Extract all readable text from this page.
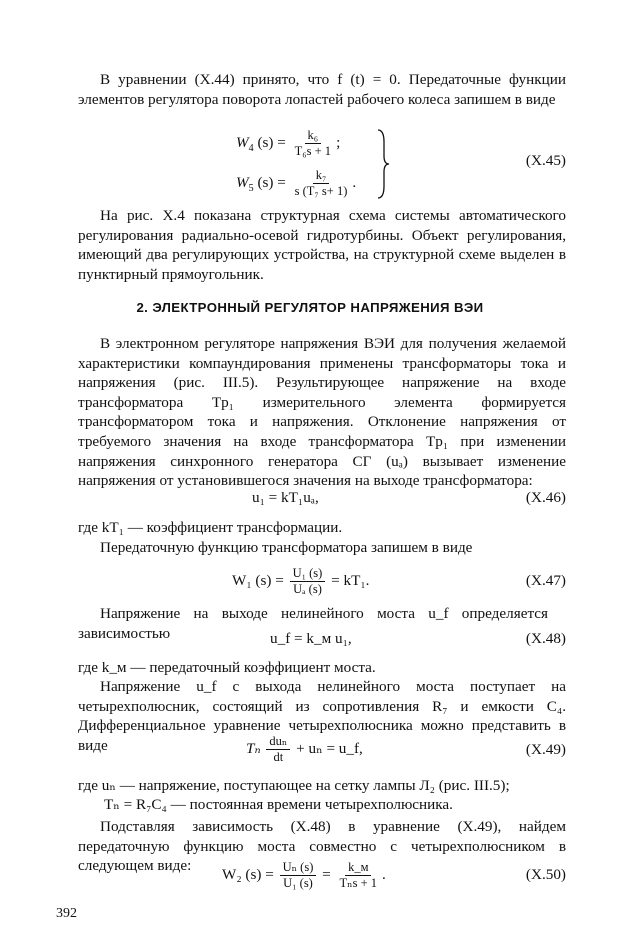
В уравнении (X.44) принято, что f (t) = 0. Передаточные функции элементов регулятора поворота лопастей рабочего колеса запишем в виде

$W_4$ $(s) = \frac{\text{k₆}}{\text{T₆s + 1}}$ ;
$W_5$ $(s) = \frac{\text{k₇}}{\text{s (T₇ s+ 1)}}$ .
(X.45)

На рис. X.4 показана структурная схема системы автоматического регулирования радиально-осевой гидротурбины. Объект регулирования, имеющий два регулирующих устройства, на структурной схеме выделен в пунктирный прямоугольник.

2. ЭЛЕКТРОННЫЙ РЕГУЛЯТОР НАПРЯЖЕНИЯ ВЭИ

В электронном регуляторе напряжения ВЭИ для получения желаемой характеристики компаундирования применены трансформаторы тока и напряжения (рис. III.5). Результирующее напряжение на входе трансформатора Tp₁ измерительного элемента формируется трансформатором тока и напряжения. Отклонение напряжения от требуемого значения на входе трансформатора Tp₁ при изменении напряжения синхронного генератора СГ (uₐ) вызывает изменение напряжения от установившегося значения на выходе трансформатора:

u₁ = kT₁uₐ,	(X.46)

где kT₁ — коэффициент трансформации.

Передаточную функцию трансформатора запишем в виде

W₁ $(s) = \frac{\text{U₁ (s)}}{\text{Uₐ (s)}} = kT_1$.	(X.47)

Напряжение на выходе нелинейного моста u_f определяется зависимостью	u_f = k_м u₁,	(X.48)

где k_м — передаточный коэффициент моста.

Напряжение u_f с выхода нелинейного моста поступает на четырехполюсник, состоящий из сопротивления R₇ и емкости C₄. Дифференциальное уравнение четырехполюсника можно представить в виде	Tₙ $\frac{\text{duₙ}}{dt} + u_n$ = u_f,	(X.49)

где uₙ — напряжение, поступающее на сетку лампы Л₂ (рис. III.5);

Tₙ = R₇C₄ — постоянная времени четырехполюсника.

Подставляя зависимость (X.48) в уравнение (X.49), найдем передаточную функцию моста совместно с четырехполюсником в следующем виде:

W₂ $(s) = \frac{\text{Uₙ (s)}}{\text{U₁ (s)}} = \frac{k\_м}{\text{Tₙs + 1}}$ .	(X.50)
392
